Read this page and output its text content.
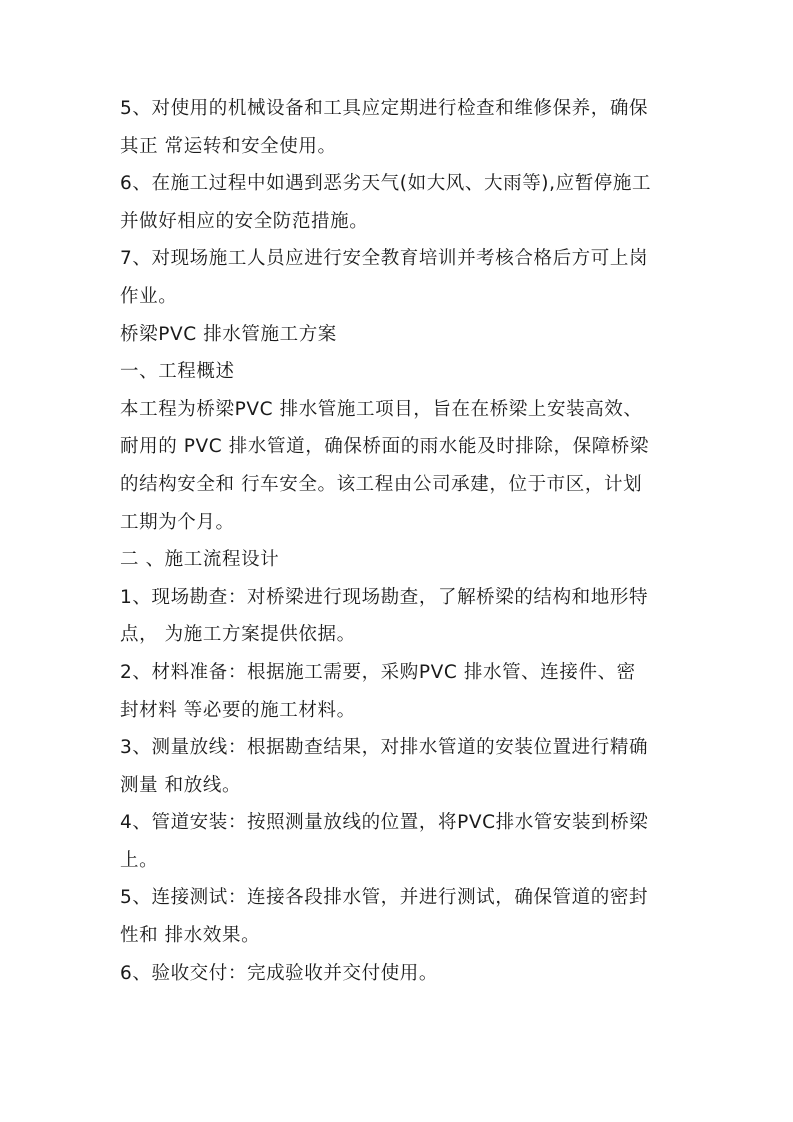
5、对使用的机械设备和工具应定期进行检查和维修保养，确保
其正 常运转和安全使用。

6、在施工过程中如遇到恶劣天气(如大风、大雨等),应暂停施工
并做好相应的安全防范措施。

7、对现场施工人员应进行安全教育培训并考核合格后方可上岗
作业。

桥梁PVC 排水管施工方案

一、工程概述

本工程为桥梁PVC 排水管施工项目，旨在在桥梁上安装高效、
耐用的 PVC 排水管道，确保桥面的雨水能及时排除，保障桥梁
的结构安全和 行车安全。该工程由公司承建，位于市区，计划
工期为个月。

二 、施工流程设计

1、现场勘查：对桥梁进行现场勘查，了解桥梁的结构和地形特
点， 为施工方案提供依据。

2、材料准备：根据施工需要，采购PVC 排水管、连接件、密
封材料 等必要的施工材料。

3、测量放线：根据勘查结果，对排水管道的安装位置进行精确
测量 和放线。

4、管道安装：按照测量放线的位置，将PVC排水管安装到桥梁
上。

5、连接测试：连接各段排水管，并进行测试，确保管道的密封
性和 排水效果。

6、验收交付：完成验收并交付使用。
